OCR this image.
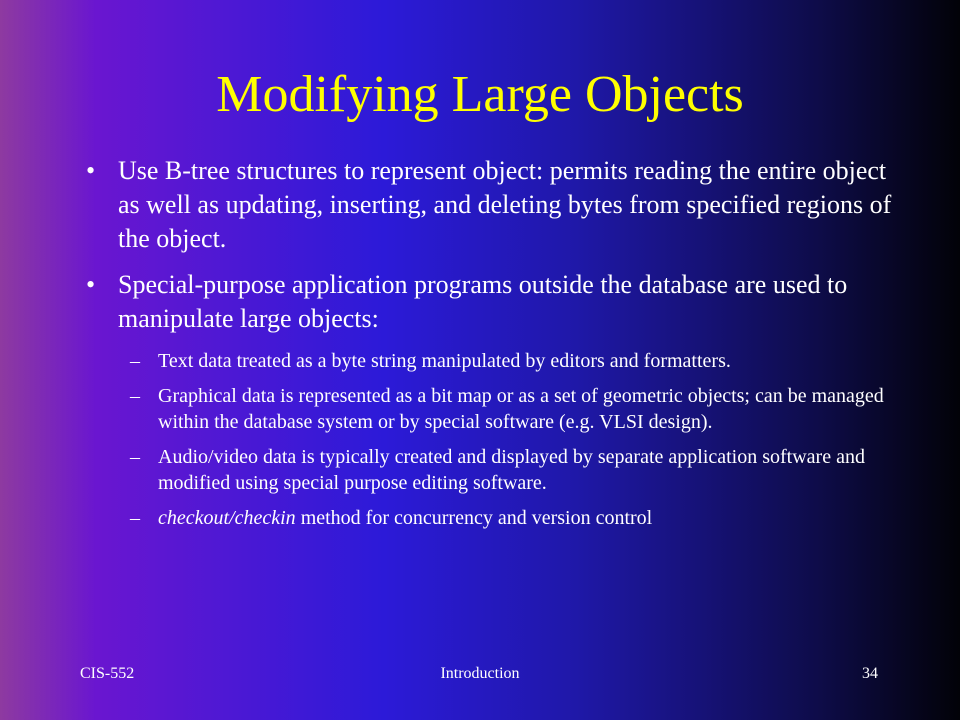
Modifying Large Objects
• Use B-tree structures to represent object: permits reading the entire object as well as updating, inserting, and deleting bytes from specified regions of the object.
• Special-purpose application programs outside the database are used to manipulate large objects:
– Text data treated as a byte string manipulated by editors and formatters.
– Graphical data is represented as a bit map or as a set of geometric objects; can be managed within the database system or by special software (e.g. VLSI design).
– Audio/video data is typically created and displayed by separate application software and modified using special purpose editing software.
– checkout/checkin method for concurrency and version control
CIS-552	Introduction	34
